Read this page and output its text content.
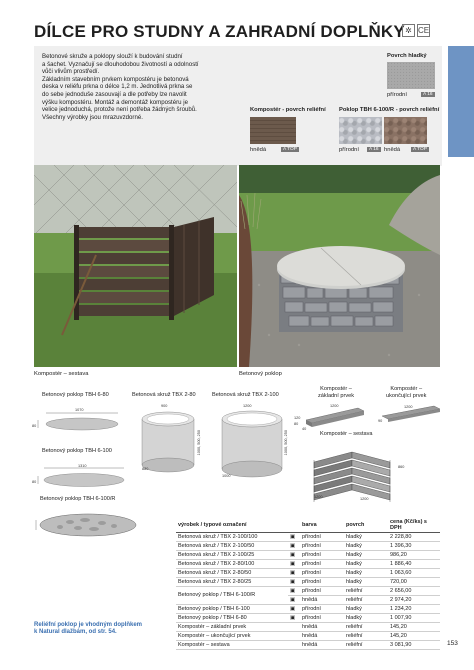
DÍLCE PRO STUDNY A ZAHRADNÍ DOPLŇKY ✲ CE
Betonové skruže a poklopy slouží k budování studní
a šachet. Vyznačují se dlouhodobou životností a odolností
vůči vlivům prostředí.
Základním stavebním prvkem kompostéru je betonová
deska v reliéfu prkna o délce 1,2 m. Jednotlivá prkna se
do sebe jednoduše zasouvají a dle potřeby lze navolit
výšku kompostéru. Montáž a demontáž kompostéru je
velice jednoduchá, protože není potřeba žádných šroubů.
Všechny výrobky jsou mrazuvzdorné.
Povrch hladký
přírodní	A 16
Kompostér - povrch reliéfní
hnědá	A TOP
Poklop TBH 6-100/R - povrch reliéfní
přírodní	A 16 hnědá	A TOP
Kompostér – sestava	Betonový poklop
Betonový poklop TBH 6-80
1070
80
Betonový poklop TBH 6-100
1310
80
Betonový poklop TBH 6-100/R
Betonová skruž TBX 2-80
900
1000, 500, 250
880
Betonová skruž TBX 2-100
1200
1000, 500, 250
1000
Kompostér –
základní prvek
1200
120
40
80
Kompostér –
ukončující prvek
1200
90
Kompostér – sestava
1200	1200
860
výrobek / typové označení		barva	povrch	cena (Kč/ks) s DPH
Betonová skruž / TBX 2-100/100	▣	přírodní	hladký	2 228,80
Betonová skruž / TBX 2-100/50	▣	přírodní	hladký	1 396,30
Betonová skruž / TBX 2-100/25	▣	přírodní	hladký	986,20
Betonová skruž / TBX 2-80/100	▣	přírodní	hladký	1 886,40
Betonová skruž / TBX 2-80/50	▣	přírodní	hladký	1 063,60
Betonová skruž / TBX 2-80/25	▣	přírodní	hladký	720,00
Betonový poklop / TBH 6-100/R	▣	přírodní	reliéfní	2 656,00
	▣	hnědá	reliéfní	2 974,20
Betonový poklop / TBH 6-100	▣	přírodní	hladký	1 234,20
Betonový poklop / TBH 6-80	▣	přírodní	hladký	1 007,90
Kompostér – základní prvek		hnědá	reliéfní	145,20
Kompostér – ukončující prvek		hnědá	reliéfní	145,20
Kompostér – sestava		hnědá	reliéfní	3 081,90
Reliéfní poklop je vhodným doplňkem
k Natural dlažbám, od str. 54.
153
